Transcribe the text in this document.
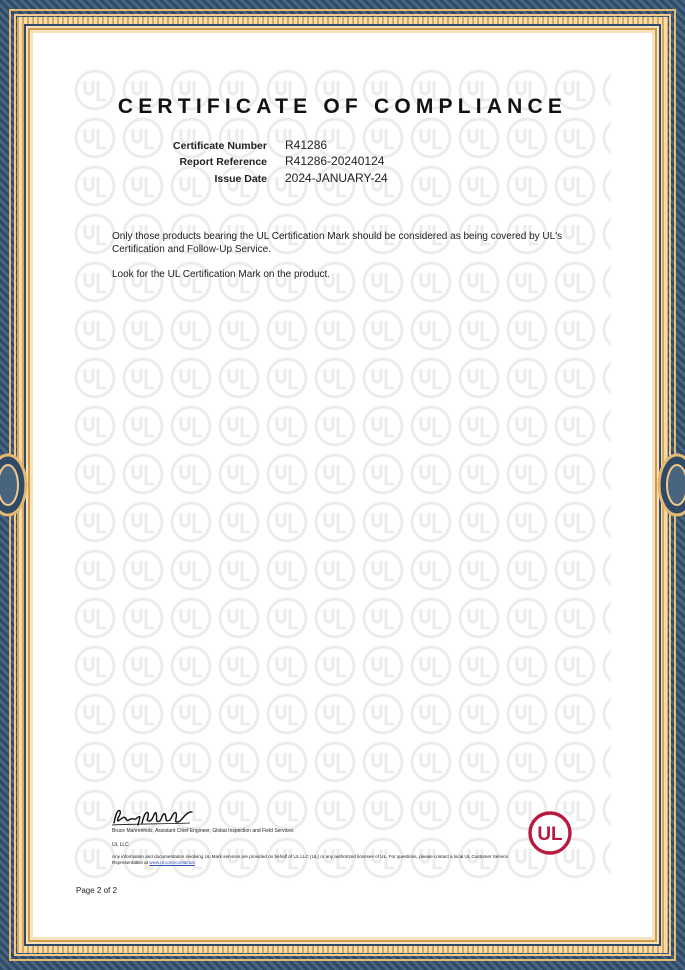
CERTIFICATE OF COMPLIANCE
Certificate Number R41286
Report Reference R41286-20240124
Issue Date 2024-JANUARY-24

Only those products bearing the UL Certification Mark should be considered as being covered by UL's Certification and Follow-Up Service.

Look for the UL Certification Mark on the product.

Bruce Mahrenholz, Assistant Chief Engineer, Global Inspection and Field Services
UL LLC
Any information and documentation involving UL Mark services are provided on behalf of UL LLC (UL) or any authorized licensee of UL. For questions, please contact a local UL Customer Service Representative at www.ul.com/contactus
UL
Page 2 of 2
